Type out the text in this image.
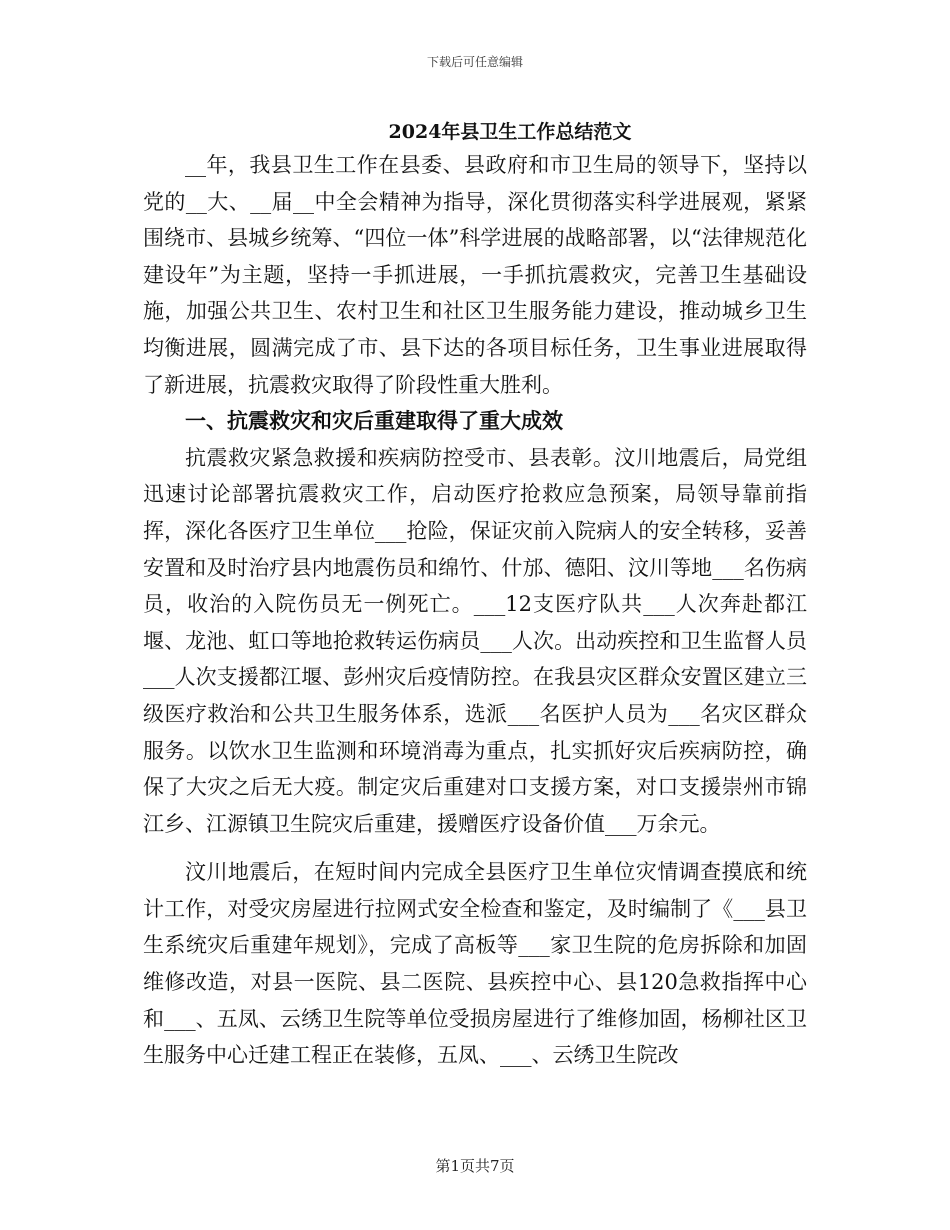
下载后可任意编辑
2024年县卫生工作总结范文

__年，我县卫生工作在县委、县政府和市卫生局的领导下，坚持以党的__大、__届__中全会精神为指导，深化贯彻落实科学进展观，紧紧围绕市、县城乡统筹、“四位一体”科学进展的战略部署，以“法律规范化建设年”为主题，坚持一手抓进展，一手抓抗震救灾，完善卫生基础设施，加强公共卫生、农村卫生和社区卫生服务能力建设，推动城乡卫生均衡进展，圆满完成了市、县下达的各项目标任务，卫生事业进展取得了新进展，抗震救灾取得了阶段性重大胜利。

一、抗震救灾和灾后重建取得了重大成效

抗震救灾紧急救援和疾病防控受市、县表彰。汶川地震后，局党组迅速讨论部署抗震救灾工作，启动医疗抢救应急预案，局领导靠前指挥，深化各医疗卫生单位___抢险，保证灾前入院病人的安全转移，妥善安置和及时治疗县内地震伤员和绵竹、什邡、德阳、汶川等地___名伤病员，收治的入院伤员无一例死亡。___12支医疗队共___人次奔赴都江堰、龙池、虹口等地抢救转运伤病员___人次。出动疾控和卫生监督人员___人次支援都江堰、彭州灾后疫情防控。在我县灾区群众安置区建立三级医疗救治和公共卫生服务体系，选派___名医护人员为___名灾区群众服务。以饮水卫生监测和环境消毒为重点，扎实抓好灾后疾病防控，确保了大灾之后无大疫。制定灾后重建对口支援方案，对口支援崇州市锦江乡、江源镇卫生院灾后重建，援赠医疗设备价值___万余元。

汶川地震后，在短时间内完成全县医疗卫生单位灾情调查摸底和统计工作，对受灾房屋进行拉网式安全检查和鉴定，及时编制了《___县卫生系统灾后重建年规划》，完成了高板等___家卫生院的危房拆除和加固维修改造，对县一医院、县二医院、县疾控中心、县120急救指挥中心和___、五凤、云绣卫生院等单位受损房屋进行了维修加固，杨柳社区卫生服务中心迁建工程正在装修，五凤、___、云绣卫生院改

第1页共7页
